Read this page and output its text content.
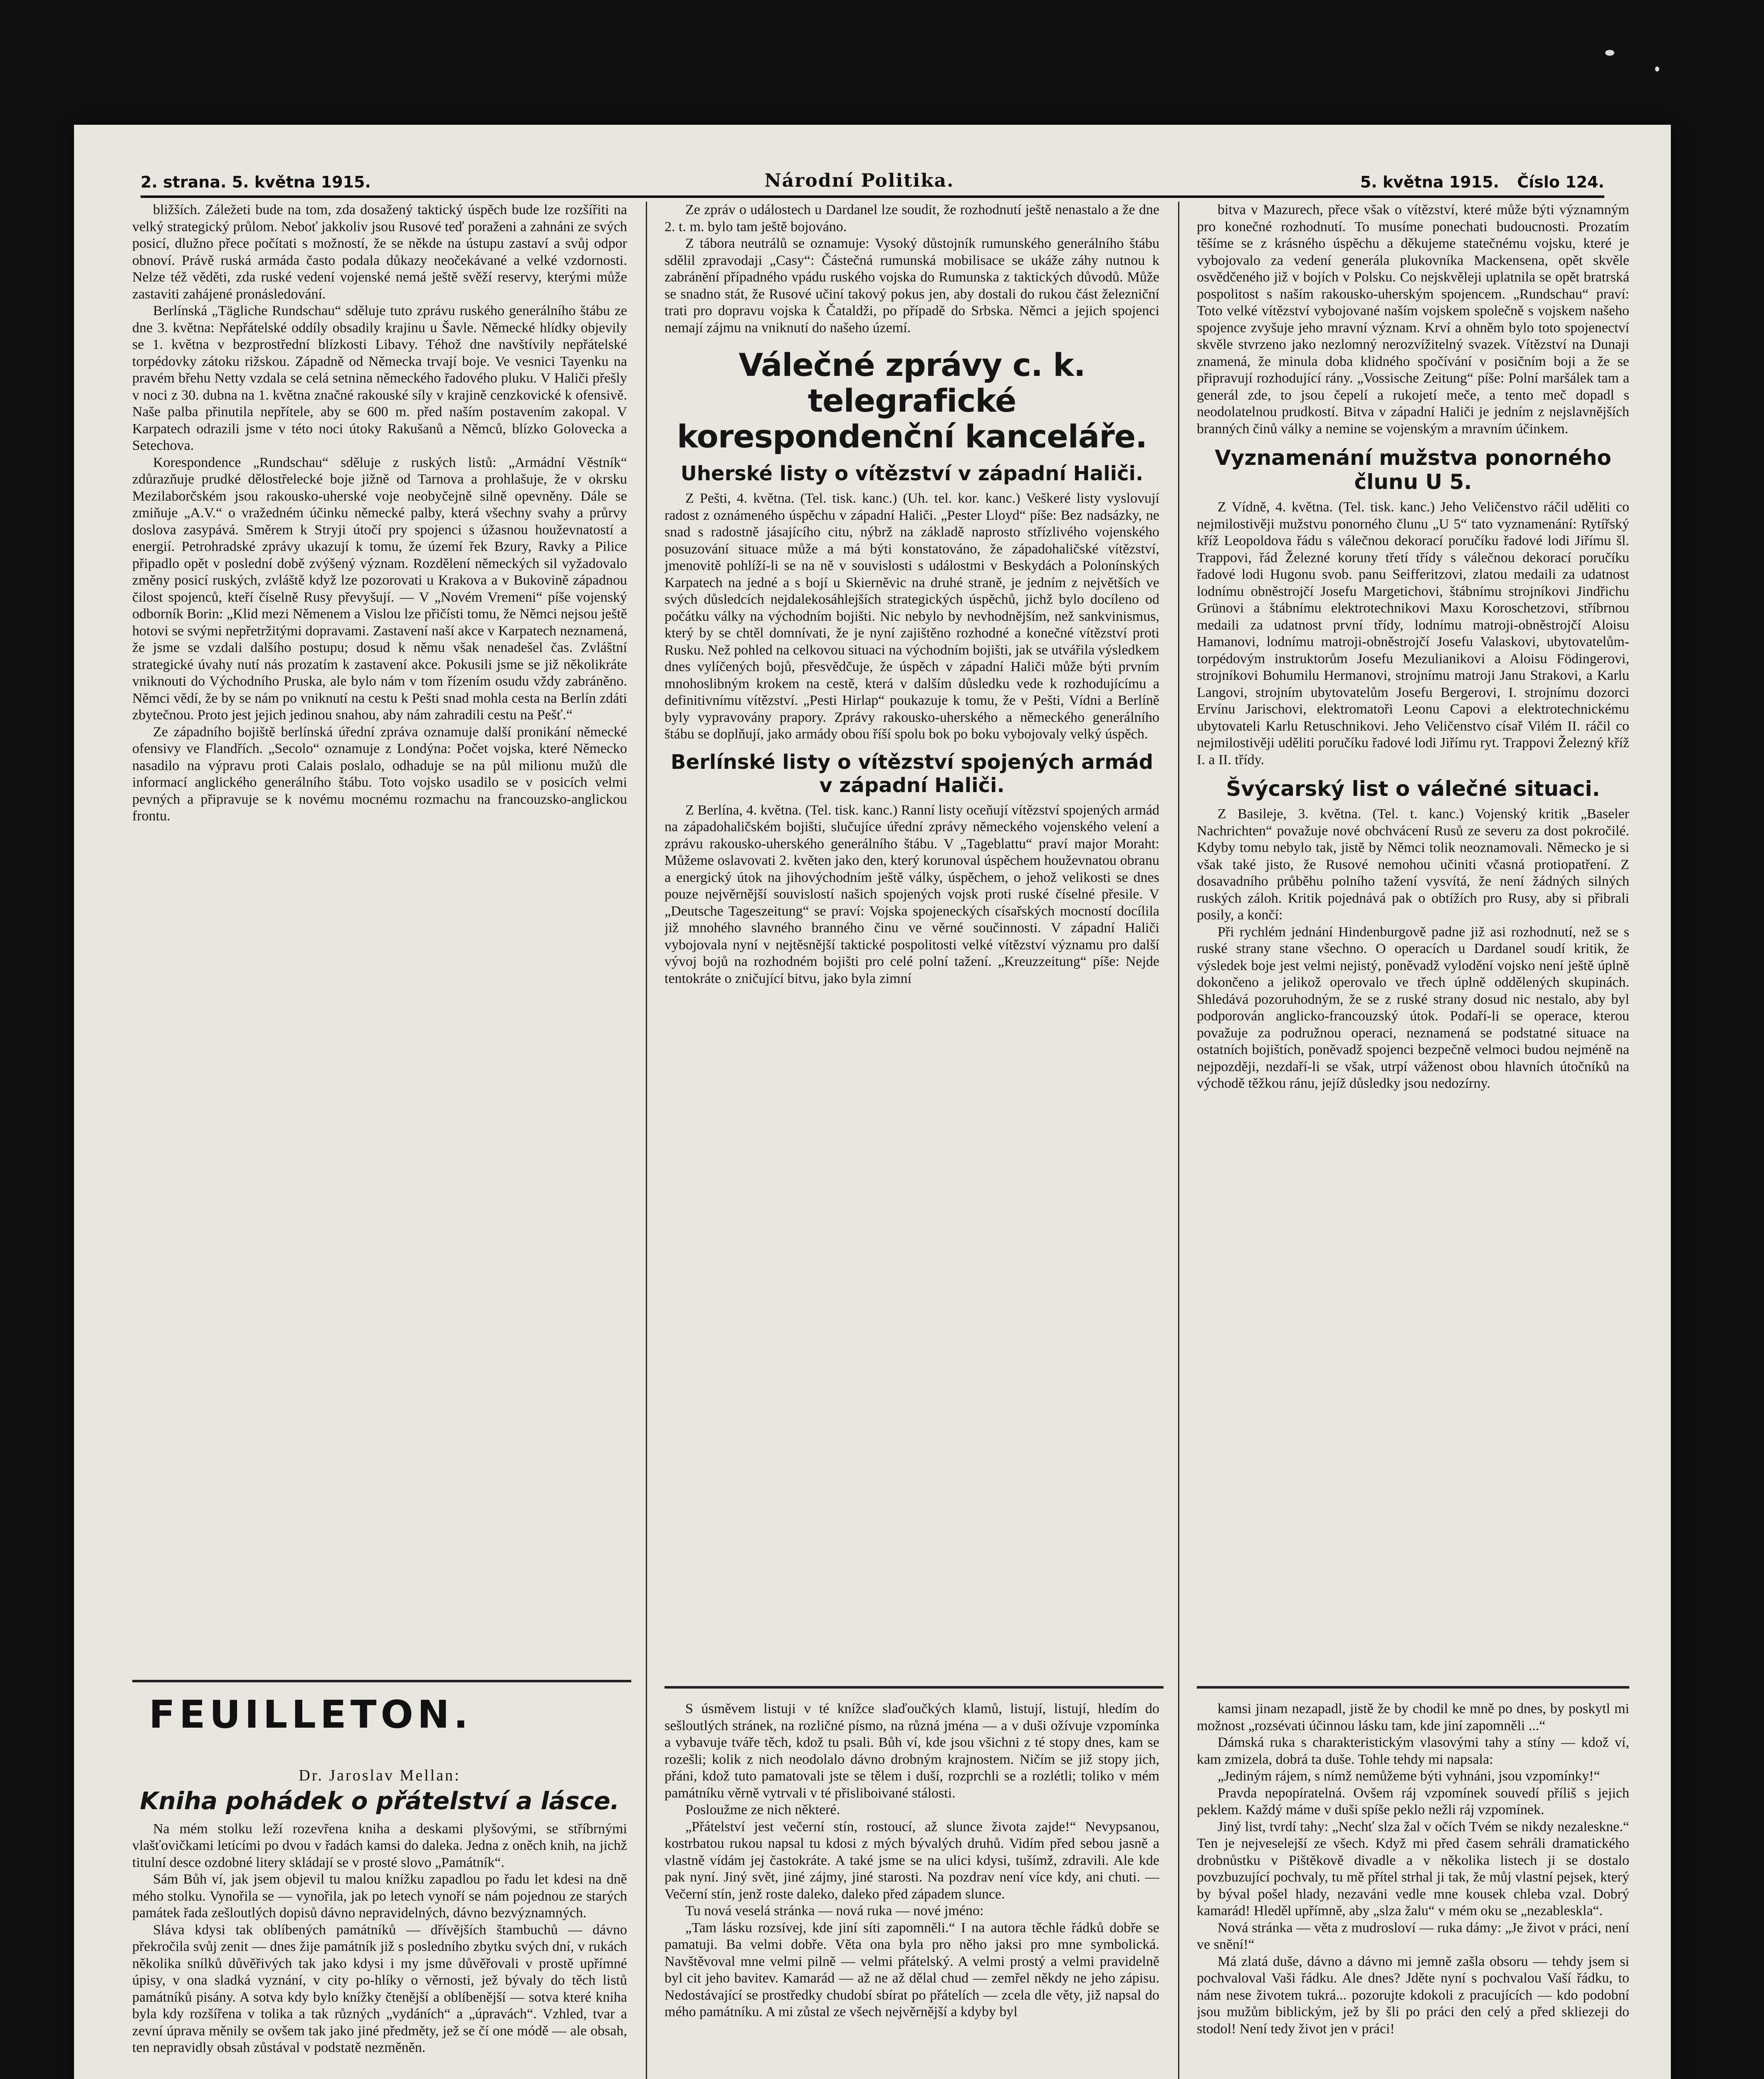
2. strana. 5. května 1915.	Národní Politika.	5. května 1915. Číslo 124.

bližších. Záležeti bude na tom, zda dosažený taktický úspěch bude lze rozšířiti na velký strategický průlom. Neboť jakkoliv jsou Rusové teď poraženi a zahnáni ze svých posicí, dlužno přece počítati s možností, že se někde na ústupu zastaví a svůj odpor obnoví. Právě ruská armáda často podala důkazy neočekávané a velké vzdornosti. Nelze též věděti, zda ruské vedení vojenské nemá ještě svěží reservy, kterými může zastaviti zahájené pronásledování.

Berlínská „Tägliche Rundschau“ sděluje tuto zprávu ruského generálního štábu ze dne 3. května: Nepřátelské oddíly obsadily krajinu u Šavle. Německé hlídky objevily se 1. května v bezprostřední blízkosti Libavy. Téhož dne navštívily nepřátelské torpédovky zátoku rižskou. Západně od Německa trvají boje. Ve vesnici Tayenku na pravém břehu Netty vzdala se celá setnina německého řadového pluku. V Haliči přešly v noci z 30. dubna na 1. května značné rakouské síly v krajině cenzkovické k ofensivě. Naše palba přinutila nepřítele, aby se 600 m. před naším postavením zakopal. V Karpatech odrazili jsme v této noci útoky Rakušanů a Němců, blízko Golovecka a Setechova.

Korespondence „Rundschau“ sděluje z ruských listů: „Armádní Věstník“ zdůrazňuje prudké dělostřelecké boje jižně od Tarnova a prohlašuje, že v okrsku Mezilaborčském jsou rakousko-uherské voje neobyčejně silně opevněny. Dále se zmiňuje „A.V.“ o vražedném účinku německé palby, která všechny svahy a průrvy doslova zasypává. Směrem k Stryji útočí pry spojenci s úžasnou houževnatostí a energií. Petrohradské zprávy ukazují k tomu, že území řek Bzury, Ravky a Pilice připadlo opět v poslední době zvýšený význam. Rozdělení německých sil vyžadovalo změny posicí ruských, zvláště když lze pozorovati u Krakova a v Bukovině západnou čilost spojenců, kteří číselně Rusy převyšují. — V „Novém Vremeni“ píše vojenský odborník Borin: „Klid mezi Němenem a Vislou lze přičísti tomu, že Němci nejsou ještě hotovi se svými nepřetržitými dopravami. Zastavení naší akce v Karpatech neznamená, že jsme se vzdali dalšího postupu; dosud k němu však nenadešel čas. Zvláštní strategické úvahy nutí nás prozatím k zastavení akce. Pokusili jsme se již několikráte vniknouti do Východního Pruska, ale bylo nám v tom řízením osudu vždy zabráněno. Němci vědí, že by se nám po vniknutí na cestu k Pešti snad mohla cesta na Berlín zdáti zbytečnou. Proto jest jejich jedinou snahou, aby nám zahradili cestu na Pešť.“

Ze západního bojiště berlínská úřední zpráva oznamuje další pronikání německé ofensivy ve Flandřích. „Secolo“ oznamuje z Londýna: Počet vojska, které Německo nasadilo na výpravu proti Calais poslalo, odhaduje se na půl milionu mužů dle informací anglického generálního štábu. Toto vojsko usadilo se v posicích velmi pevných a připravuje se k novému mocnému rozmachu na francouzsko-anglickou frontu.

Ze zpráv o událostech u Dardanel lze soudit, že rozhodnutí ještě nenastalo a že dne 2. t. m. bylo tam ještě bojováno.

Z tábora neutrálů se oznamuje: Vysoký důstojník rumunského generálního štábu sdělil zpravodaji „Casy“: Částečná rumunská mobilisace se ukáže záhy nutnou k zabránění případného vpádu ruského vojska do Rumunska z taktických důvodů. Může se snadno stát, že Rusové učiní takový pokus jen, aby dostali do rukou část železniční trati pro dopravu vojska k Čataldži, po případě do Srbska. Němci a jejich spojenci nemají zájmu na vniknutí do našeho území.

Válečné zprávy c. k. telegrafické korespondenční kanceláře.
Uherské listy o vítězství v západní Haliči.

Z Pešti, 4. května. (Tel. tisk. kanc.) (Uh. tel. kor. kanc.) Veškeré listy vyslovují radost z oznámeného úspěchu v západní Haliči. „Pester Lloyd“ píše: Bez nadsázky, ne snad s radostně jásajícího citu, nýbrž na základě naprosto střízlivého vojenského posuzování situace může a má býti konstatováno, že západohaličské vítězství, jmenovitě pohlíží-li se na ně v souvislosti s událostmi v Beskydách a Polonínských Karpatech na jedné a s bojí u Skierněvic na druhé straně, je jedním z největších ve svých důsledcích nejdalekosáhlejších strategických úspěchů, jichž bylo docíleno od počátku války na východním bojišti. Nic nebylo by nevhodnějším, než sankvinismus, který by se chtěl domnívati, že je nyní zajištěno rozhodné a konečné vítězství proti Rusku. Než pohled na celkovou situaci na východním bojišti, jak se utvářila výsledkem dnes vylíčených bojů, přesvědčuje, že úspěch v západní Haliči může býti prvním mnohoslibným krokem na cestě, která v dalším důsledku vede k rozhodujícímu a definitivnímu vítězství. „Pesti Hirlap“ poukazuje k tomu, že v Pešti, Vídni a Berlíně byly vypravovány prapory. Zprávy rakousko-uherského a německého generálního štábu se doplňují, jako armády obou říší spolu bok po boku vybojovaly velký úspěch.

Berlínské listy o vítězství spojených armád v západní Haliči.

Z Berlína, 4. května. (Tel. tisk. kanc.) Ranní listy oceňují vítězství spojených armád na západohaličském bojišti, slučujíce úřední zprávy německého vojenského velení a zprávu rakousko-uherského generálního štábu. V „Tageblattu“ praví major Moraht: Můžeme oslavovati 2. květen jako den, který korunoval úspěchem houževnatou obranu a energický útok na jihovýchodním ještě války, úspěchem, o jehož velikosti se dnes pouze nejvěrnější souvislostí našich spojených vojsk proti ruské číselné přesile. V „Deutsche Tageszeitung“ se praví: Vojska spojeneckých císařských mocností docílila již mnohého slavného branného činu ve věrné součinnosti. V západní Haliči vybojovala nyní v nejtěsnější taktické pospolitosti velké vítězství významu pro další vývoj bojů na rozhodném bojišti pro celé polní tažení. „Kreuzzeitung“ píše: Nejde tentokráte o zničující bitvu, jako byla zimní

bitva v Mazurech, přece však o vítězství, které může býti významným pro konečné rozhodnutí. To musíme ponechati budoucnosti. Prozatím těšíme se z krásného úspěchu a děkujeme statečnému vojsku, které je vybojovalo za vedení generála plukovníka Mackensena, opět skvěle osvědčeného již v bojích v Polsku. Co nejskvěleji uplatnila se opět bratrská pospolitost s naším rakousko-uherským spojencem. „Rundschau“ praví: Toto velké vítězství vybojované naším vojskem společně s vojskem našeho spojence zvyšuje jeho mravní význam. Krví a ohněm bylo toto spojenectví skvěle stvrzeno jako nezlomný nerozvížitelný svazek. Vítězství na Dunaji znamená, že minula doba klidného spočívání v posičním boji a že se připravují rozhodující rány. „Vossische Zeitung“ píše: Polní maršálek tam a generál zde, to jsou čepelí a rukojetí meče, a tento meč dopadl s neodolatelnou prudkostí. Bitva v západní Haliči je jedním z nejslavnějších branných činů války a nemine se vojenským a mravním účinkem.

Vyznamenání mužstva ponorného člunu U 5.

Z Vídně, 4. května. (Tel. tisk. kanc.) Jeho Veličenstvo ráčil uděliti co nejmilostivěji mužstvu ponorného člunu „U 5“ tato vyznamenání: Rytířský kříž Leopoldova řádu s válečnou dekorací poručíku řadové lodi Jiřímu šl. Trappovi, řád Železné koruny třetí třídy s válečnou dekorací poručíku řadové lodi Hugonu svob. panu Seifferitzovi, zlatou medaili za udatnost lodnímu obněstrojčí Josefu Margetichovi, štábnímu strojníkovi Jindřichu Grünovi a štábnímu elektrotechnikovi Maxu Koroschetzovi, stříbrnou medaili za udatnost první třídy, lodnímu matroji-obněstrojčí Aloisu Hamanovi, lodnímu matroji-obněstrojčí Josefu Valaskovi, ubytovatelům-torpédovým instruktorům Josefu Mezulianikovi a Aloisu Födingerovi, strojníkovi Bohumilu Hermanovi, strojnímu matroji Janu Strakovi, a Karlu Langovi, strojním ubytovatelům Josefu Bergerovi, I. strojnímu dozorci Ervínu Jarischovi, elektromatoři Leonu Capovi a elektrotechnickému ubytovateli Karlu Retuschnikovi. Jeho Veličenstvo císař Vilém II. ráčil co nejmilostivěji uděliti poručíku řadové lodi Jiřímu ryt. Trappovi Železný kříž I. a II. třídy.

Švýcarský list o válečné situaci.

Z Basileje, 3. května. (Tel. t. kanc.) Vojenský kritik „Baseler Nachrichten“ považuje nové obchvácení Rusů ze severu za dost pokročilé. Kdyby tomu nebylo tak, jistě by Němci tolik neoznamovali. Německo je si však také jisto, že Rusové nemohou učiniti včasná protiopatření. Z dosavadního průběhu polního tažení vysvítá, že není žádných silných ruských záloh. Kritik pojednává pak o obtížích pro Rusy, aby si přibrali posily, a končí:

Při rychlém jednání Hindenburgově padne již asi rozhodnutí, než se s ruské strany stane všechno. O operacích u Dardanel soudí kritik, že výsledek boje jest velmi nejistý, poněvadž vylodění vojsko není ještě úplně dokončeno a jelikož operovalo ve třech úplně oddělených skupinách. Shledává pozoruhodným, že se z ruské strany dosud nic nestalo, aby byl podporován anglicko-francouzský útok. Podaří-li se operace, kterou považuje za podružnou operaci, neznamená se podstatné situace na ostatních bojištích, poněvadž spojenci bezpečně velmoci budou nejméně na nejpozději, nezdaří-li se však, utrpí váženost obou hlavních útočníků na východě těžkou ránu, jejíž důsledky jsou nedozírny.

FEUILLETON.
Dr. Jaroslav Mellan:
Kniha pohádek o přátelství a lásce.

Na mém stolku leží rozevřena kniha a deskami plyšovými, se stříbrnými vlašťovičkami letícími po dvou v řadách kamsi do daleka. Jedna z oněch knih, na jichž titulní desce ozdobné litery skládají se v prosté slovo „Památník“.

Sám Bůh ví, jak jsem objevil tu malou knížku zapadlou po řadu let kdesi na dně mého stolku. Vynořila se — vynořila, jak po letech vynoří se nám pojednou ze starých památek řada zešloutlých dopisů dávno nepravidelných, dávno bezvýznamných.

Sláva kdysi tak oblíbených památníků — dřívějších štambuchů — dávno překročila svůj zenit — dnes žije památník již s posledního zbytku svých dní, v rukách několika snílků důvěřivých tak jako kdysi i my jsme důvěřovali v prostě upřímné úpisy, v ona sladká vyznání, v city po-hlíky o věrnosti, jež bývaly do těch listů památníků pisány. A sotva kdy bylo knížky čtenější a oblíbenější — sotva které kniha byla kdy rozšířena v tolika a tak různých „vydáních“ a „úpravách“. Vzhled, tvar a zevní úprava měnily se ovšem tak jako jiné předměty, jež se čí one módě — ale obsah, ten nepravidly obsah zůstával v podstatě nezměněn.

S úsměvem listuji v té knížce slaďoučkých klamů, listují, listují, hledím do sešloutlých stránek, na rozličné písmo, na různá jména — a v duši ožívuje vzpomínka a vybavuje tváře těch, kdož tu psali. Bůh ví, kde jsou všichni z té stopy dnes, kam se rozešli; kolik z nich neodolalo dávno drobným krajnostem. Ničím se již stopy jich, přáni, kdož tuto pamatovali jste se tělem i duší, rozprchli se a rozlétli; toliko v mém památníku věrně vytrvali v té přisliboivané stálosti.

Posloužme ze nich některé.

„Přátelství jest večerní stín, rostoucí, až slunce života zajde!“ Nevypsanou, kostrbatou rukou napsal tu kdosi z mých bývalých druhů. Vidím před sebou jasně a vlastně vídám jej častokráte. A také jsme se na ulici kdysi, tušímž, zdravili. Ale kde pak nyní. Jiný svět, jiné zájmy, jiné starosti. Na pozdrav není více kdy, ani chuti. — Večerní stín, jenž roste daleko, daleko před západem slunce.

Tu nová veselá stránka — nová ruka — nové jméno:

„Tam lásku rozsívej, kde jiní síti zapomněli.“ I na autora těchle řádků dobře se pamatuji. Ba velmi dobře. Věta ona byla pro něho jaksi pro mne symbolická. Navštěvoval mne velmi pilně — velmi přátelský. A velmi prostý a velmi pravidelně byl cit jeho bavitev. Kamarád — až ne až dělal chud — zemřel někdy ne jeho zápisu. Nedostávající se prostředky chudobí sbírat po přátelích — zcela dle věty, již napsal do mého památníku. A mi zůstal ze všech nejvěrnější a kdyby byl

kamsi jinam nezapadl, jistě že by chodil ke mně po dnes, by poskytl mi možnost „rozsévati účinnou lásku tam, kde jiní zapomněli ...“

Dámská ruka s charakteristickým vlasovými tahy a stíny — kdož ví, kam zmizela, dobrá ta duše. Tohle tehdy mi napsala:

„Jediným rájem, s nímž nemůžeme býti vyhnáni, jsou vzpomínky!“

Pravda nepopíratelná. Ovšem ráj vzpomínek souvedí příliš s jejich peklem. Každý máme v duši spíše peklo nežli ráj vzpomínek.

Jiný list, tvrdí tahy: „Nechť slza žal v očích Tvém se nikdy nezaleskne.“ Ten je nejveselejší ze všech. Když mi před časem sehráli dramatického drobnůstku v Pištěkově divadle a v několika listech ji se dostalo povzbuzující pochvaly, tu mě přítel strhal ji tak, že můj vlastní pejsek, který by býval pošel hlady, nezaváni vedle mne kousek chleba vzal. Dobrý kamarád! Hleděl upřímně, aby „slza žalu“ v mém oku se „nezableskla“.

Nová stránka — věta z mudrosloví — ruka dámy: „Je život v práci, není ve snění!“

Má zlatá duše, dávno a dávno mi jemně zašla obsoru — tehdy jsem si pochvaloval Vaši řádku. Ale dnes? Jděte nyní s pochvalou Vaší řádku, to nám nese životem tukrá... pozorujte kdokoli z pracujících — kdo podobní jsou mužům biblickým, jež by šli po práci den celý a před skliezeji do stodol! Není tedy život jen v práci!
